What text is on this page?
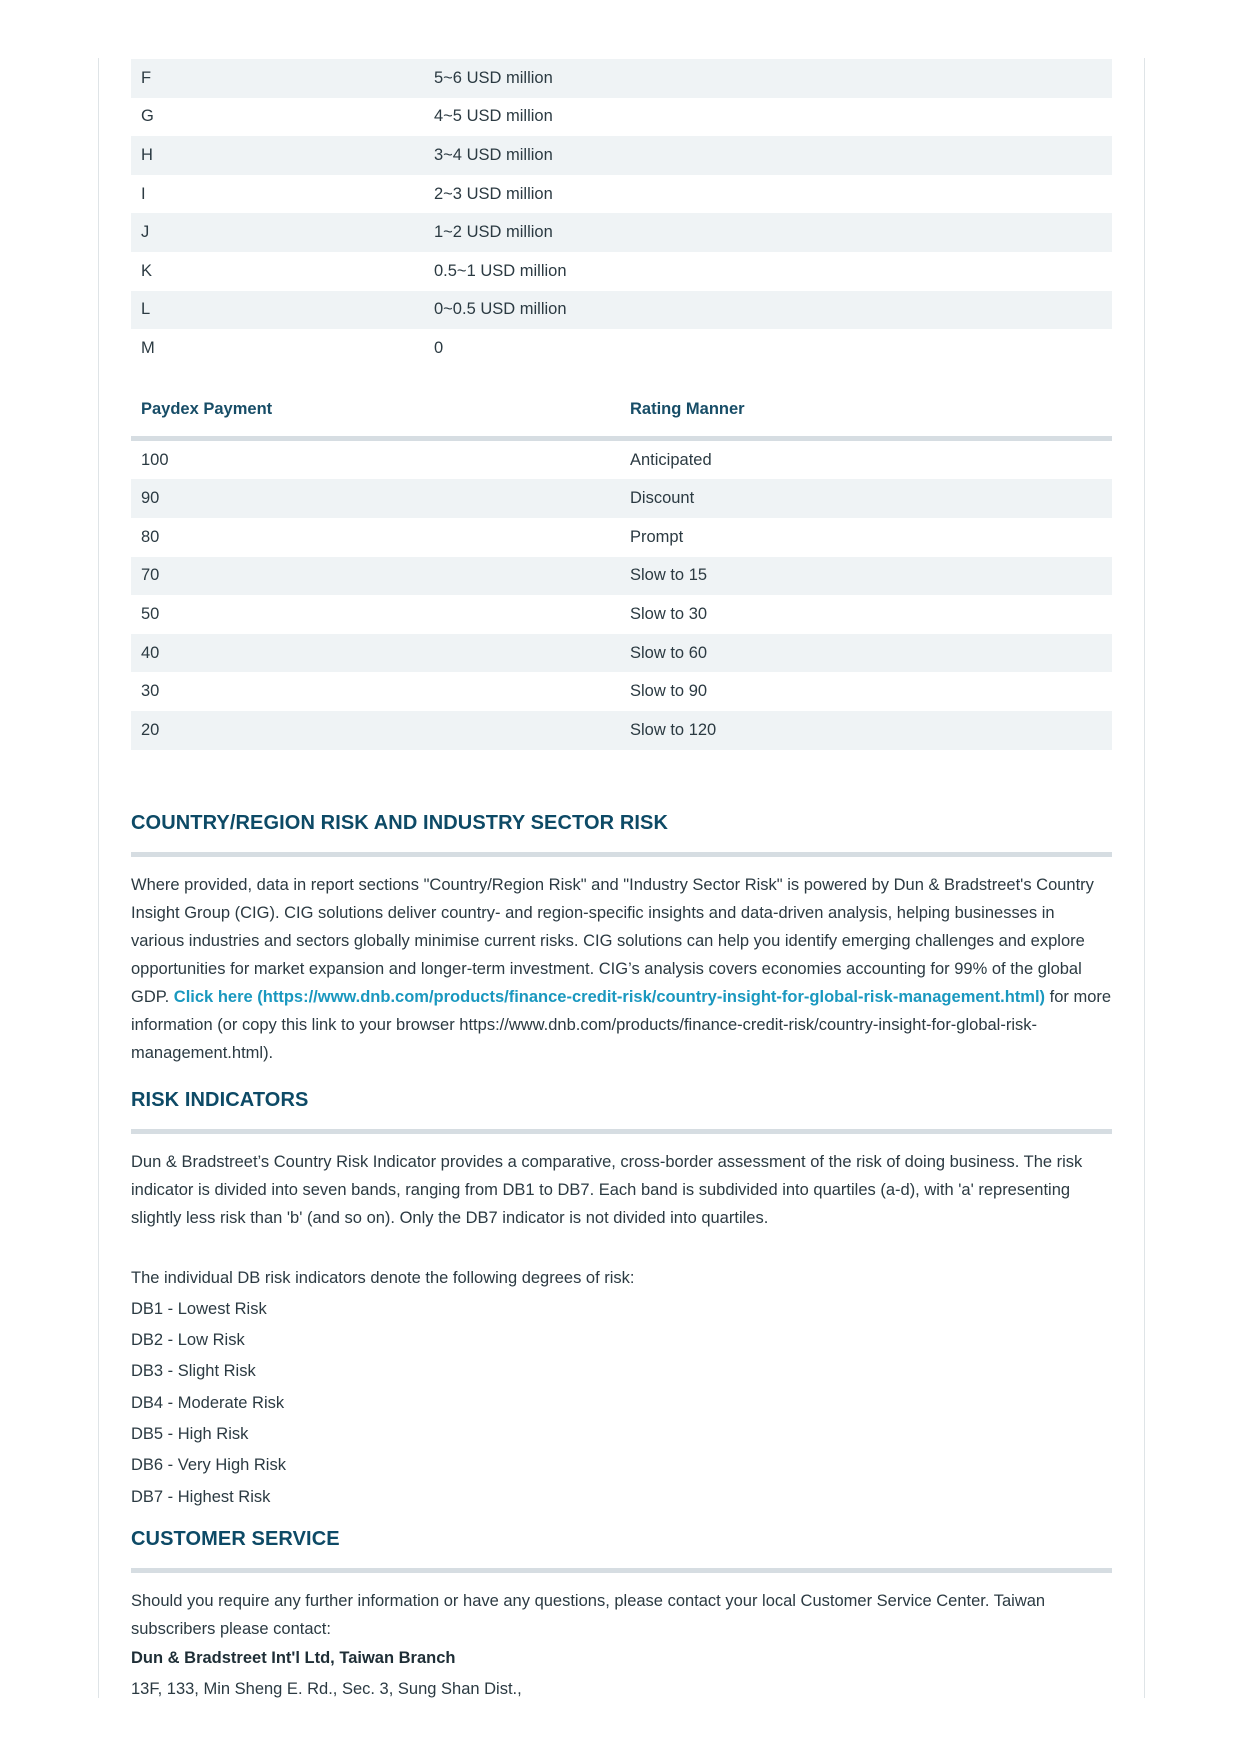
F	5~6 USD million
G	4~5 USD million
H	3~4 USD million
I	2~3 USD million
J	1~2 USD million
K	0.5~1 USD million
L	0~0.5 USD million
M	0
Paydex Payment	Rating Manner
100	Anticipated
90	Discount
80	Prompt
70	Slow to 15
50	Slow to 30
40	Slow to 60
30	Slow to 90
20	Slow to 120
COUNTRY/REGION RISK AND INDUSTRY SECTOR RISK

Where provided, data in report sections "Country/Region Risk" and "Industry Sector Risk" is powered by Dun & Bradstreet's Country Insight Group (CIG). CIG solutions deliver country- and region-specific insights and data-driven analysis, helping businesses in various industries and sectors globally minimise current risks. CIG solutions can help you identify emerging challenges and explore opportunities for market expansion and longer-term investment. CIG’s analysis covers economies accounting for 99% of the global GDP. Click here (https://www.dnb.com/products/finance-credit-risk/country-insight-for-global-risk-management.html) for more information (or copy this link to your browser https://www.dnb.com/products/finance-credit-risk/country-insight-for-global-risk-management.html).

RISK INDICATORS

Dun & Bradstreet’s Country Risk Indicator provides a comparative, cross-border assessment of the risk of doing business. The risk indicator is divided into seven bands, ranging from DB1 to DB7. Each band is subdivided into quartiles (a-d), with 'a' representing slightly less risk than 'b' (and so on). Only the DB7 indicator is not divided into quartiles.

The individual DB risk indicators denote the following degrees of risk:
DB1 - Lowest Risk
DB2 - Low Risk
DB3 - Slight Risk
DB4 - Moderate Risk
DB5 - High Risk
DB6 - Very High Risk
DB7 - Highest Risk
CUSTOMER SERVICE

Should you require any further information or have any questions, please contact your local Customer Service Center. Taiwan subscribers please contact:

Dun & Bradstreet Int'l Ltd, Taiwan Branch
13F, 133, Min Sheng E. Rd., Sec. 3, Sung Shan Dist.,
